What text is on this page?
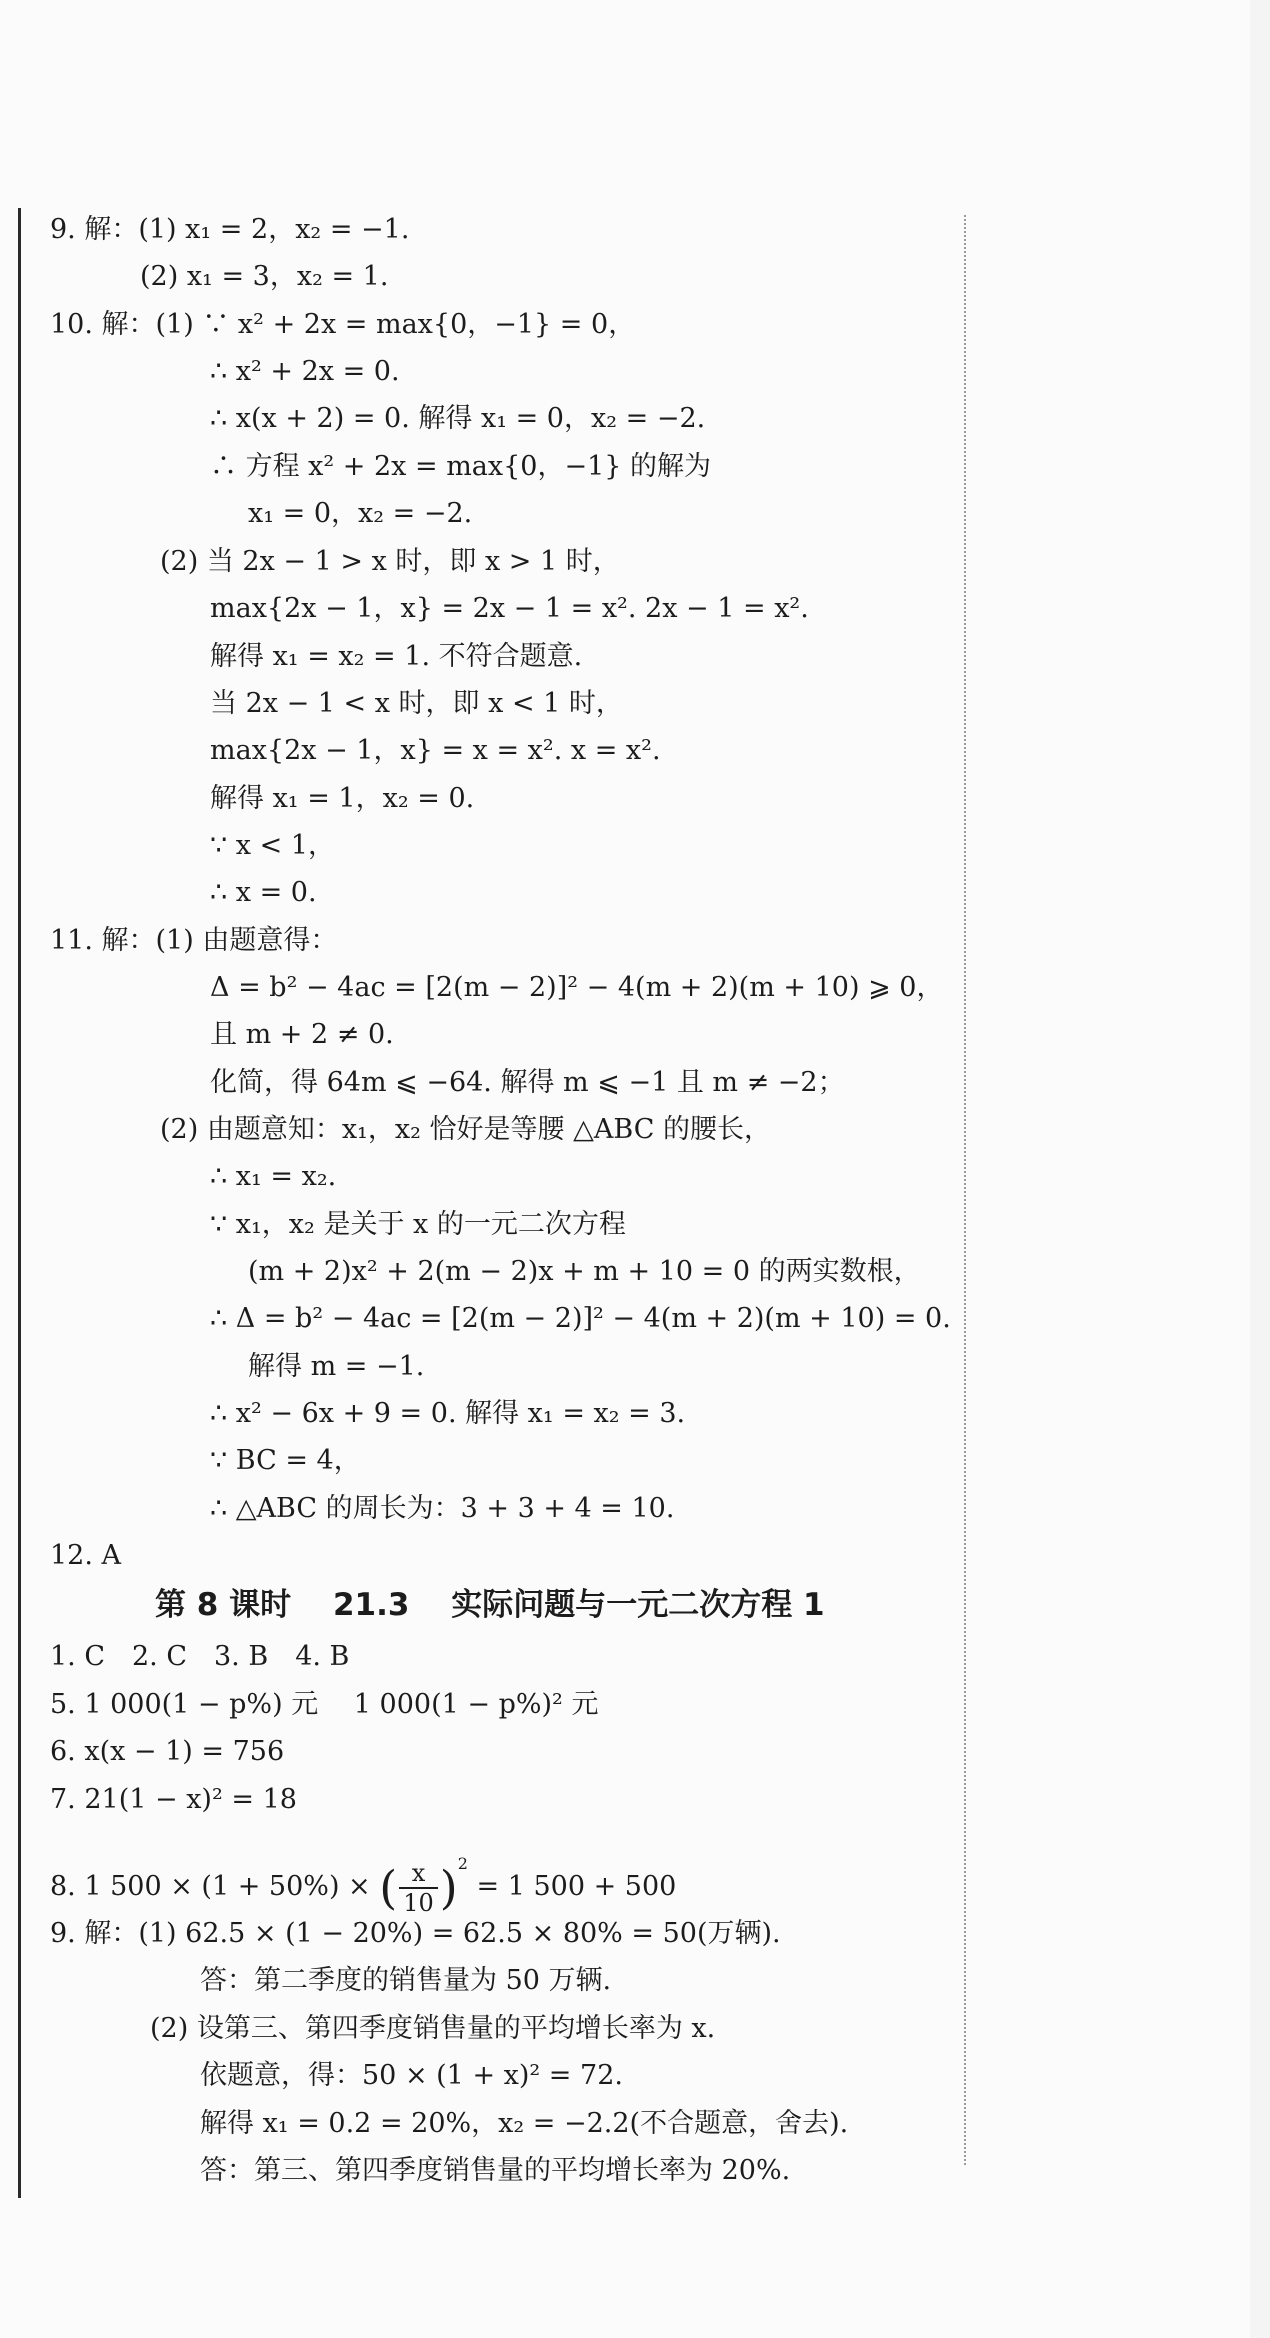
9. 解：(1) x₁ = 2，x₂ = −1.
(2) x₁ = 3，x₂ = 1.
10. 解：(1) ∵ x² + 2x = max{0，−1} = 0，
∴ x² + 2x = 0.
∴ x(x + 2) = 0. 解得 x₁ = 0，x₂ = −2.
∴ 方程 x² + 2x = max{0，−1} 的解为
x₁ = 0，x₂ = −2.
(2) 当 2x − 1 > x 时，即 x > 1 时，
max{2x − 1，x} = 2x − 1 = x². 2x − 1 = x².
解得 x₁ = x₂ = 1. 不符合题意.
当 2x − 1 < x 时，即 x < 1 时，
max{2x − 1，x} = x = x². x = x².
解得 x₁ = 1，x₂ = 0.
∵ x < 1，
∴ x = 0.
11. 解：(1) 由题意得：
Δ = b² − 4ac = [2(m − 2)]² − 4(m + 2)(m + 10) ⩾ 0，
且 m + 2 ≠ 0.
化简，得 64m ⩽ −64. 解得 m ⩽ −1 且 m ≠ −2；
(2) 由题意知：x₁，x₂ 恰好是等腰 △ABC 的腰长，
∴ x₁ = x₂.
∵ x₁，x₂ 是关于 x 的一元二次方程
(m + 2)x² + 2(m − 2)x + m + 10 = 0 的两实数根，
∴ Δ = b² − 4ac = [2(m − 2)]² − 4(m + 2)(m + 10) = 0.
解得 m = −1.
∴ x² − 6x + 9 = 0. 解得 x₁ = x₂ = 3.
∵ BC = 4，
∴ △ABC 的周长为：3 + 3 + 4 = 10.
12. A
第 8 课时　 21.3　 实际问题与一元二次方程 1
1. C　2. C　3. B　4. B
5. 1 000(1 − p%) 元　 1 000(1 − p%)² 元
6. x(x − 1) = 756
7. 21(1 − x)² = 18
8. 1 500 × (1 + 50%) × ( $\frac{x}{10} )^2 = 1$ 500 + 500
9. 解：(1) 62.5 × (1 − 20%) = 62.5 × 80% = 50(万辆).
答：第二季度的销售量为 50 万辆.
(2) 设第三、第四季度销售量的平均增长率为 x.
依题意，得：50 × (1 + x)² = 72.
解得 x₁ = 0.2 = 20%，x₂ = −2.2(不合题意，舍去).
答：第三、第四季度销售量的平均增长率为 20%.
